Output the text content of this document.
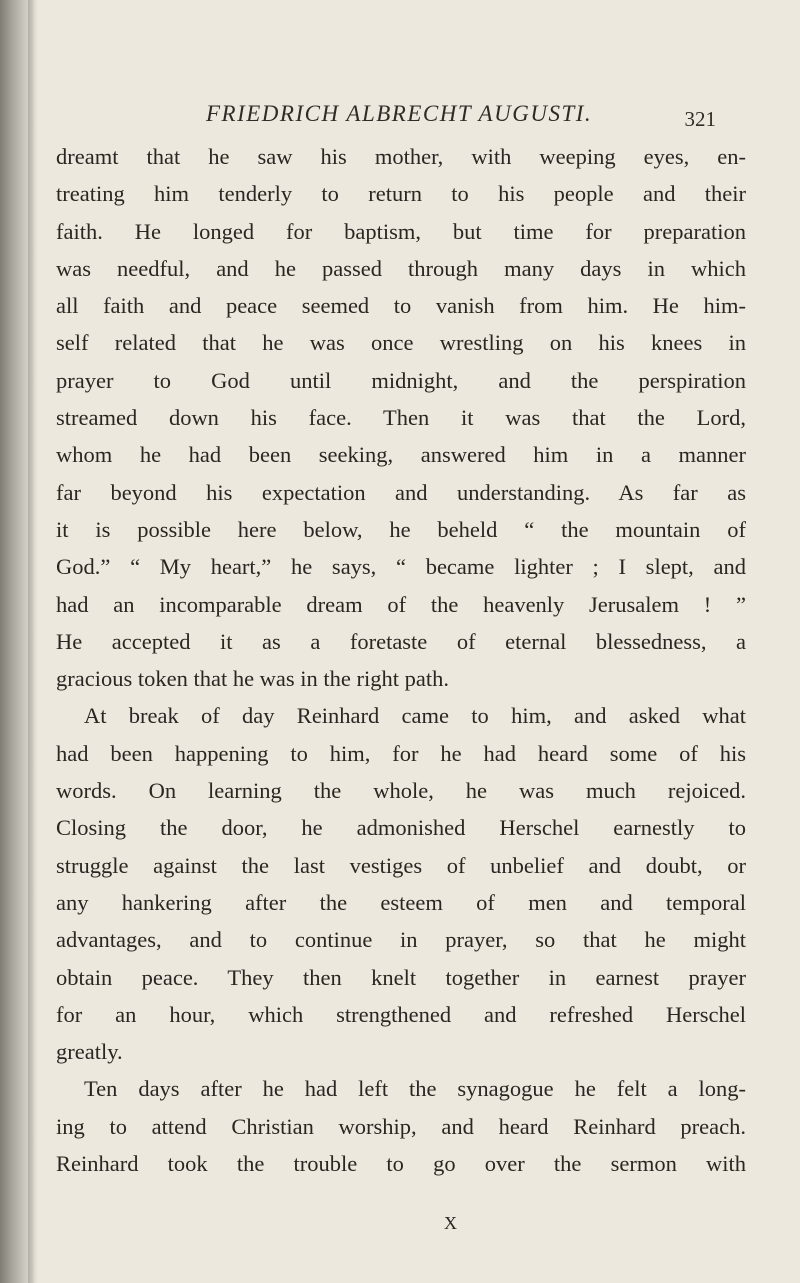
FRIEDRICH ALBRECHT AUGUSTI.	321
dreamt that he saw his mother, with weeping eyes, en-
treating him tenderly to return to his people and their
faith. He longed for baptism, but time for preparation
was needful, and he passed through many days in which
all faith and peace seemed to vanish from him. He him-
self related that he was once wrestling on his knees in
prayer to God until midnight, and the perspiration
streamed down his face. Then it was that the Lord,
whom he had been seeking, answered him in a manner
far beyond his expectation and understanding. As far as
it is possible here below, he beheld “ the mountain of
God.” “ My heart,” he says, “ became lighter ; I slept, and
had an incomparable dream of the heavenly Jerusalem ! ”
He accepted it as a foretaste of eternal blessedness, a
gracious token that he was in the right path.
At break of day Reinhard came to him, and asked what
had been happening to him, for he had heard some of his
words. On learning the whole, he was much rejoiced.
Closing the door, he admonished Herschel earnestly to
struggle against the last vestiges of unbelief and doubt, or
any hankering after the esteem of men and temporal
advantages, and to continue in prayer, so that he might
obtain peace. They then knelt together in earnest prayer
for an hour, which strengthened and refreshed Herschel
greatly.
Ten days after he had left the synagogue he felt a long-
ing to attend Christian worship, and heard Reinhard preach.
Reinhard took the trouble to go over the sermon with
X
